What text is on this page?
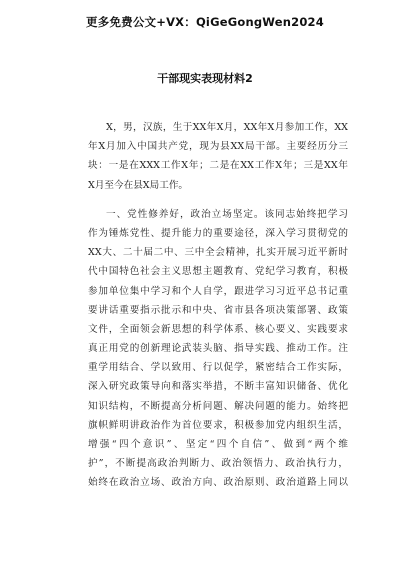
更多免费公文+VX：QiGeGongWen2024
干部现实表现材料2
X，男，汉族，生于XX年X月，XX年X月参加工作，XX
年X月加入中国共产党，现为县XX局干部。主要经历分三
块：一是在XXX工作X年；二是在XX工作X年；三是XX年
X月至今在县X局工作。
一、党性修养好，政治立场坚定。该同志始终把学习
作为锤炼党性、提升能力的重要途径，深入学习贯彻党的
XX大、二十届二中、三中全会精神，扎实开展习近平新时
代中国特色社会主义思想主题教育、党纪学习教育，积极
参加单位集中学习和个人自学，跟进学习习近平总书记重
要讲话重要指示批示和中央、省市县各项决策部署、政策
文件，全面领会新思想的科学体系、核心要义、实践要求
真正用党的创新理论武装头脑、指导实践、推动工作。注
重学用结合、学以致用、行以促学，紧密结合工作实际，
深入研究政策导向和落实举措，不断丰富知识储备、优化
知识结构，不断提高分析问题、解决问题的能力。始终把
旗帜鲜明讲政治作为首位要求，积极参加党内组织生活，
增强“四个意识”、坚定“四个自信”、做到“两个维
护”，不断提高政治判断力、政治领悟力、政治执行力，
始终在政治立场、政治方向、政治原则、政治道路上同以
